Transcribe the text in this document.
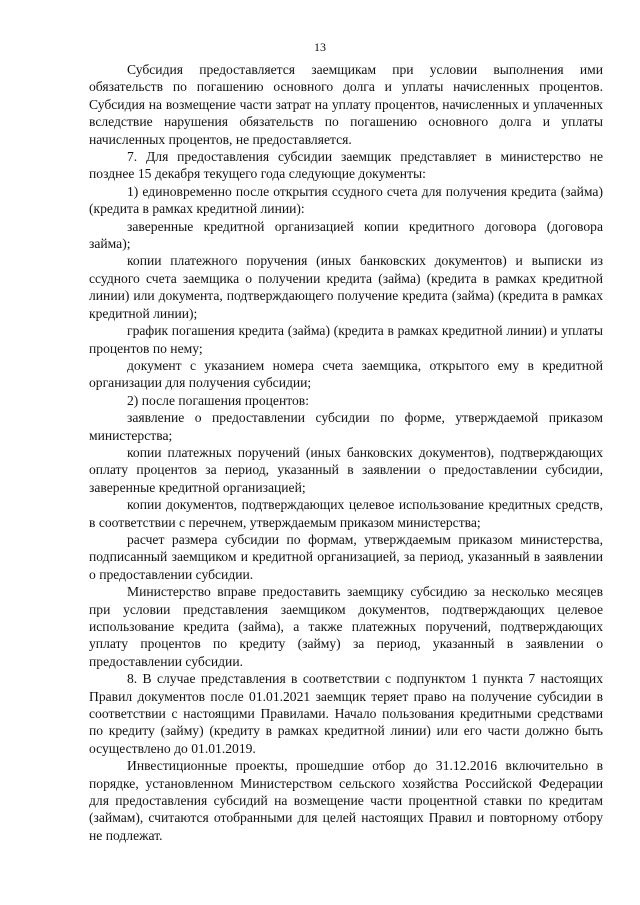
13

Субсидия предоставляется заемщикам при условии выполнения ими обязательств по погашению основного долга и уплаты начисленных процентов. Субсидия на возмещение части затрат на уплату процентов, начисленных и уплаченных вследствие нарушения обязательств по погашению основного долга и уплаты начисленных процентов, не предоставляется.

7. Для предоставления субсидии заемщик представляет в министерство не позднее 15 декабря текущего года следующие документы:

1) единовременно после открытия ссудного счета для получения кредита (займа) (кредита в рамках кредитной линии):

заверенные кредитной организацией копии кредитного договора (договора займа);

копии платежного поручения (иных банковских документов) и выписки из ссудного счета заемщика о получении кредита (займа) (кредита в рамках кредитной линии) или документа, подтверждающего получение кредита (займа) (кредита в рамках кредитной линии);

график погашения кредита (займа) (кредита в рамках кредитной линии) и уплаты процентов по нему;

документ с указанием номера счета заемщика, открытого ему в кредитной организации для получения субсидии;

2) после погашения процентов:

заявление о предоставлении субсидии по форме, утверждаемой приказом министерства;

копии платежных поручений (иных банковских документов), подтверждающих оплату процентов за период, указанный в заявлении о предоставлении субсидии, заверенные кредитной организацией;

копии документов, подтверждающих целевое использование кредитных средств, в соответствии с перечнем, утверждаемым приказом министерства;

расчет размера субсидии по формам, утверждаемым приказом министерства, подписанный заемщиком и кредитной организацией, за период, указанный в заявлении о предоставлении субсидии.

Министерство вправе предоставить заемщику субсидию за несколько месяцев при условии представления заемщиком документов, подтверждающих целевое использование кредита (займа), а также платежных поручений, подтверждающих уплату процентов по кредиту (займу) за период, указанный в заявлении о предоставлении субсидии.

8. В случае представления в соответствии с подпунктом 1 пункта 7 настоящих Правил документов после 01.01.2021 заемщик теряет право на получение субсидии в соответствии с настоящими Правилами. Начало пользования кредитными средствами по кредиту (займу) (кредиту в рамках кредитной линии) или его части должно быть осуществлено до 01.01.2019.

Инвестиционные проекты, прошедшие отбор до 31.12.2016 включительно в порядке, установленном Министерством сельского хозяйства Российской Федерации для предоставления субсидий на возмещение части процентной ставки по кредитам (займам), считаются отобранными для целей настоящих Правил и повторному отбору не подлежат.
